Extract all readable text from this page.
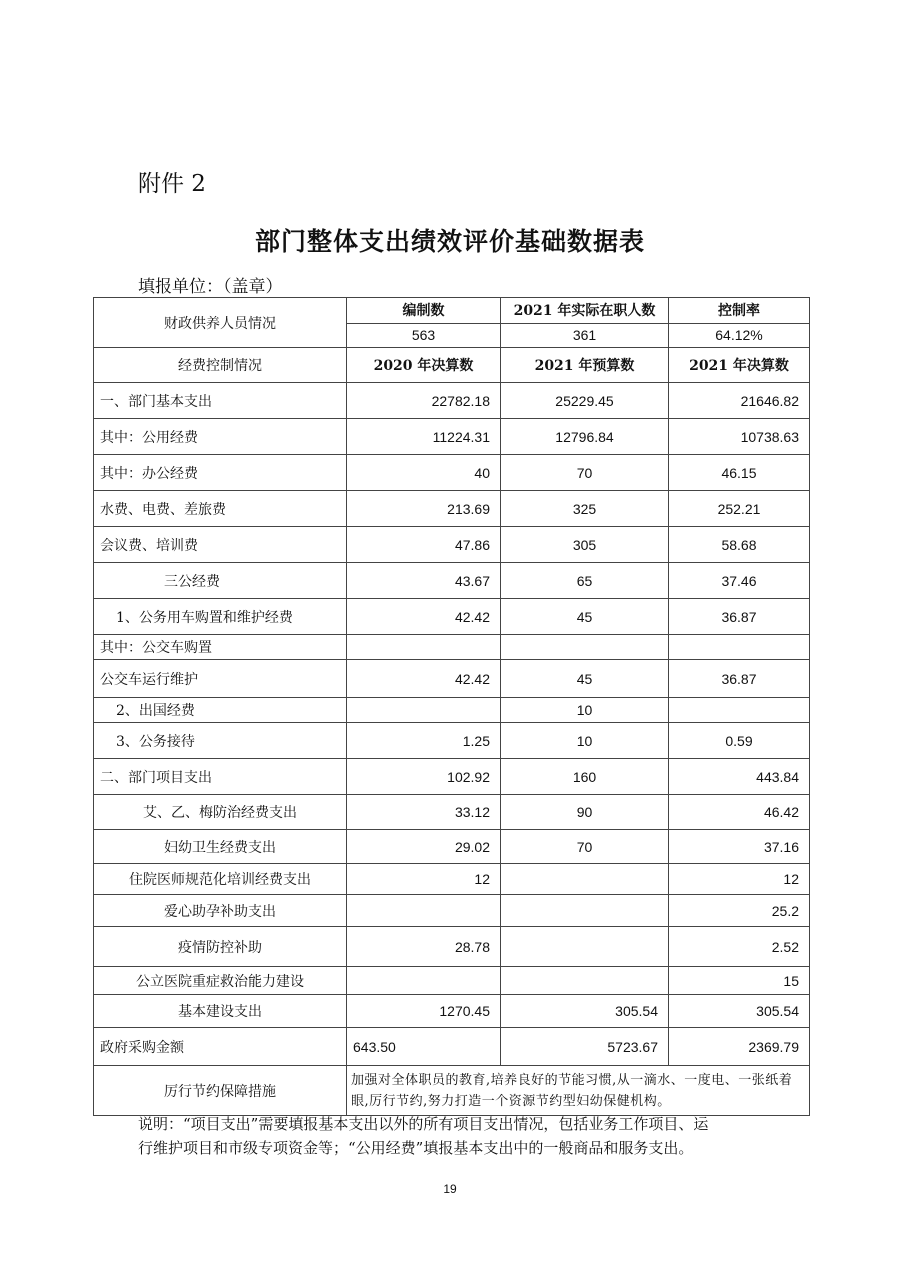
附件 2
部门整体支出绩效评价基础数据表
填报单位：（盖章）
财政供养人员情况	编制数	2021 年实际在职人数	控制率
	563	361	64.12%
经费控制情况	2020 年决算数	2021 年预算数	2021 年决算数
一、部门基本支出	22782.18	25229.45	21646.82
其中：公用经费	11224.31	12796.84	10738.63
其中：办公经费	40	70	46.15
水费、电费、差旅费	213.69	325	252.21
会议费、培训费	47.86	305	58.68
三公经费	43.67	65	37.46
1、公务用车购置和维护经费	42.42	45	36.87
其中：公交车购置			
公交车运行维护	42.42	45	36.87
2、出国经费		10	
3、公务接待	1.25	10	0.59
二、部门项目支出	102.92	160	443.84
艾、乙、梅防治经费支出	33.12	90	46.42
妇幼卫生经费支出	29.02	70	37.16
住院医师规范化培训经费支出	12		12
爱心助孕补助支出			25.2
疫情防控补助	28.78		2.52
公立医院重症救治能力建设			15
基本建设支出	1270.45	305.54	305.54
政府采购金额	643.50	5723.67	2369.79
厉行节约保障措施	加强对全体职员的教育,培养良好的节能习惯,从一滴水、一度电、一张纸着眼,厉行节约,努力打造一个资源节约型妇幼保健机构。		
说明：“项目支出”需要填报基本支出以外的所有项目支出情况，包括业务工作项目、运
行维护项目和市级专项资金等；“公用经费”填报基本支出中的一般商品和服务支出。
19
